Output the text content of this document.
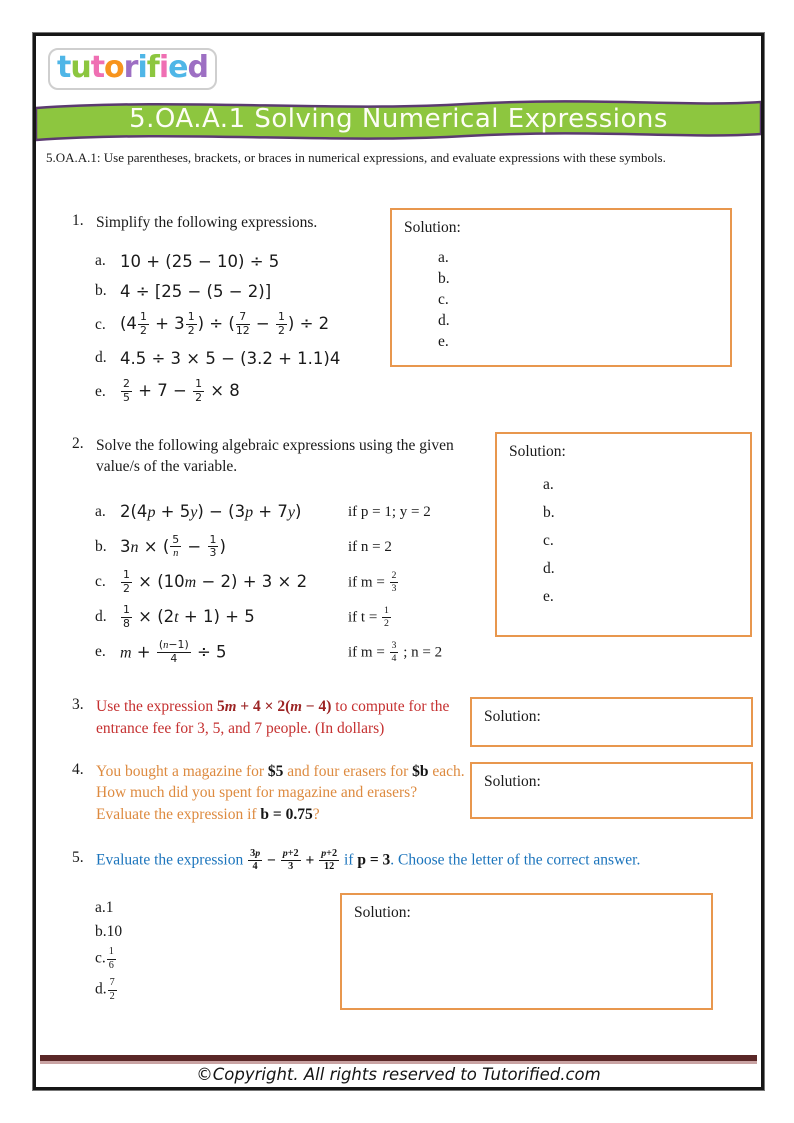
tutorified
5.OA.A.1 Solving Numerical Expressions
5.OA.A.1: Use parentheses, brackets, or braces in numerical expressions, and evaluate expressions with these symbols.
1. Simplify the following expressions.
a. 10 + (25 − 10) ÷ 5
b. 4 ÷ [25 − (5 − 2)]
c. ($4 \frac{1}{2} + 3 \frac{1}{2}$ ) ÷ ( $\frac{7}{12} - \frac{1}{2}$ ) ÷ 2
d. 4.5 ÷ 3 × 5 − (3.2 + 1.1)4
e.	$\frac{2}{5} + 7 - \frac{1}{2} \times 8$
Solution:
a.
b.
c.
d.
e.
2. Solve the following algebraic expressions using the given value/s of the variable.
a. 2(4p + 5y) − (3p + 7y)	if p = 1; y = 2
b. 3n × ( $\frac{5}{n} - \frac{1}{3}$ )	if n = 2
c.	$\frac{1}{2} \times (10m - 2) + 3 \times 2$	if $m = \frac{2}{3}$
d.	$\frac{1}{8} \times (2t + 1) + 5$	if $t = \frac{1}{2}$
e. $m + \frac{(n-1)}{4} \div 5$	if $m = \frac{3}{4}$ ; n = 2
Solution:
a.
b.
c.
d.
e.
3. Use the expression 5m + 4 × 2(m − 4) to compute for the entrance fee for 3, 5, and 7 people. (In dollars)
Solution:
4. You bought a magazine for $5 and four erasers for $b each. How much did you spent for magazine and erasers? Evaluate the expression if b = 0.75?
Solution:
5. Evaluate the expression $\frac{3p}{4} - \frac{p+2}{3} + \frac{p+2}{12}$ if p = 3. Choose the letter of the correct answer.
a.1
b.10
c. $\frac{1}{6}$
d. $\frac{7}{2}$
Solution:
©Copyright. All rights reserved to Tutorified.com
